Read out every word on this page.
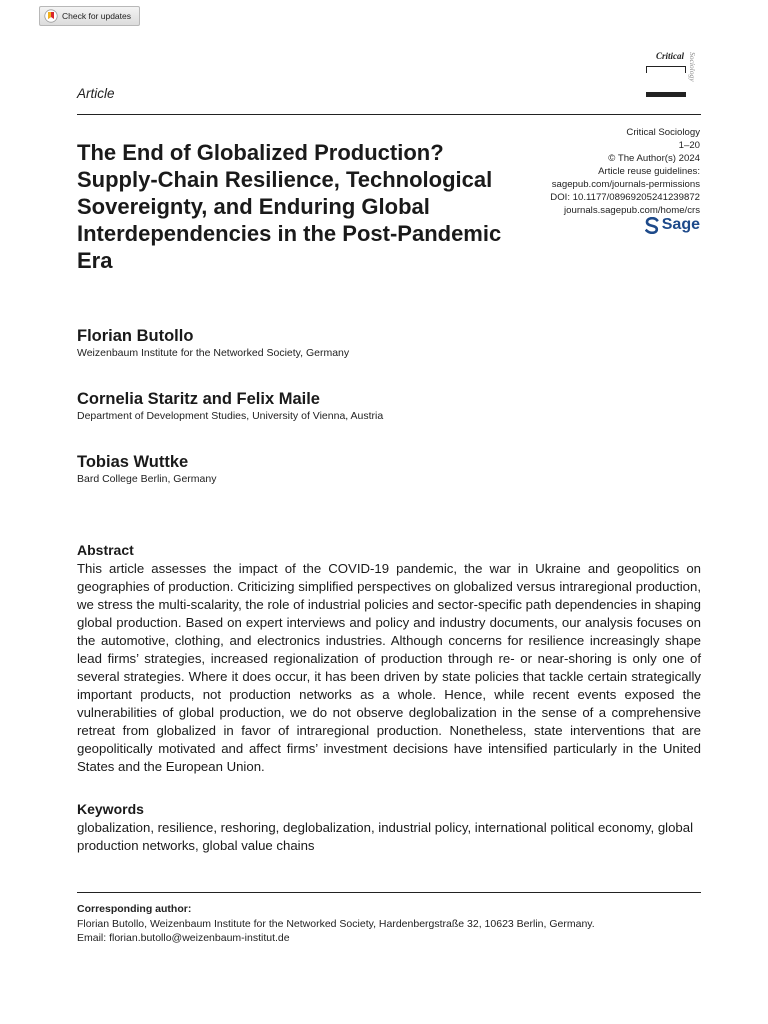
Check for updates
Article
Critical Sociology
The End of Globalized Production? Supply-Chain Resilience, Technological Sovereignty, and Enduring Global Interdependencies in the Post-Pandemic Era
Critical Sociology
1–20
© The Author(s) 2024
Article reuse guidelines:
sagepub.com/journals-permissions
DOI: 10.1177/08969205241239872
journals.sagepub.com/home/crs
Sage
Florian Butollo
Weizenbaum Institute for the Networked Society, Germany
Cornelia Staritz and Felix Maile
Department of Development Studies, University of Vienna, Austria
Tobias Wuttke
Bard College Berlin, Germany
Abstract

This article assesses the impact of the COVID-19 pandemic, the war in Ukraine and geopolitics on geographies of production. Criticizing simplified perspectives on globalized versus intraregional production, we stress the multi-scalarity, the role of industrial policies and sector-specific path dependencies in shaping global production. Based on expert interviews and policy and industry documents, our analysis focuses on the automotive, clothing, and electronics industries. Although concerns for resilience increasingly shape lead firms’ strategies, increased regionalization of production through re- or near-shoring is only one of several strategies. Where it does occur, it has been driven by state policies that tackle certain strategically important products, not production networks as a whole. Hence, while recent events exposed the vulnerabilities of global production, we do not observe deglobalization in the sense of a comprehensive retreat from globalized in favor of intraregional production. Nonetheless, state interventions that are geopolitically motivated and affect firms’ investment decisions have intensified particularly in the United States and the European Union.

Keywords

globalization, resilience, reshoring, deglobalization, industrial policy, international political economy, global production networks, global value chains

Corresponding author:
Florian Butollo, Weizenbaum Institute for the Networked Society, Hardenbergstraße 32, 10623 Berlin, Germany.
Email: florian.butollo@weizenbaum-institut.de
